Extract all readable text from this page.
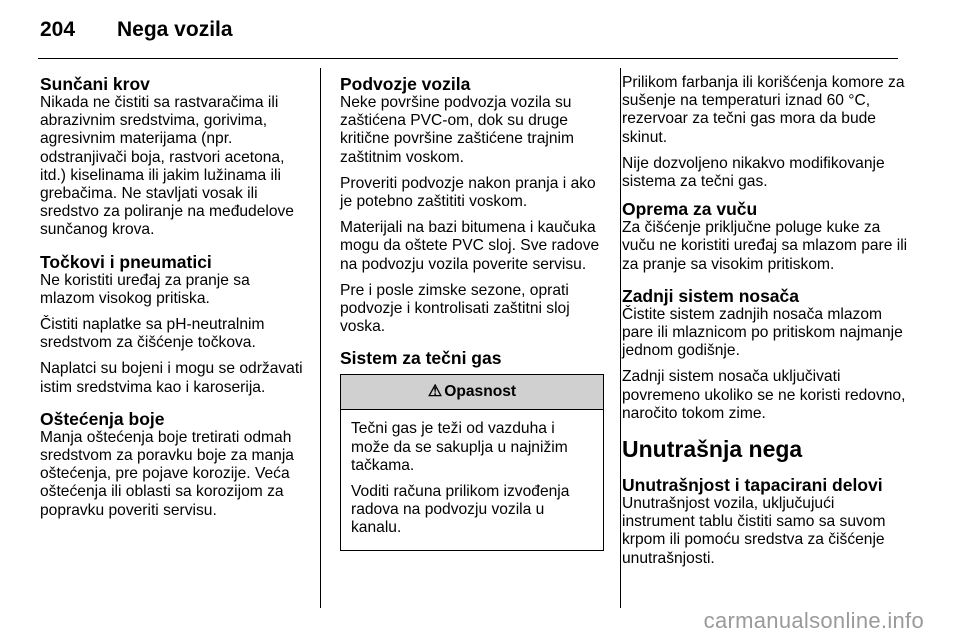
204 Nega vozila
Sunčani krov

Nikada ne čistiti sa rastvaračima ili abrazivnim sredstvima, gorivima, agresivnim materijama (npr. odstranjivači boja, rastvori acetona, itd.) kiselinama ili jakim lužinama ili grebačima. Ne stavljati vosak ili sredstvo za poliranje na međudelove sunčanog krova.

Točkovi i pneumatici

Ne koristiti uređaj za pranje sa mlazom visokog pritiska.

Čistiti naplatke sa pH-neutralnim sredstvom za čišćenje točkova.

Naplatci su bojeni i mogu se održavati istim sredstvima kao i karoserija.

Oštećenja boje

Manja oštećenja boje tretirati odmah sredstvom za poravku boje za manja oštećenja, pre pojave korozije. Veća oštećenja ili oblasti sa korozijom za popravku poveriti servisu.

Podvozje vozila

Neke površine podvozja vozila su zaštićena PVC-om, dok su druge kritične površine zaštićene trajnim zaštitnim voskom.

Proveriti podvozje nakon pranja i ako je potebno zaštititi voskom.

Materijali na bazi bitumena i kaučuka mogu da oštete PVC sloj. Sve radove na podvozju vozila poverite servisu.

Pre i posle zimske sezone, oprati podvozje i kontrolisati zaštitni sloj voska.

Sistem za tečni gas
⚠ Opasnost

Tečni gas je teži od vazduha i može da se sakuplja u najnižim tačkama.

Voditi računa prilikom izvođenja radova na podvozju vozila u kanalu.

Prilikom farbanja ili korišćenja komore za sušenje na temperaturi iznad 60 °C, rezervoar za tečni gas mora da bude skinut.

Nije dozvoljeno nikakvo modifikovanje sistema za tečni gas.

Oprema za vuču

Za čišćenje priključne poluge kuke za vuču ne koristiti uređaj sa mlazom pare ili za pranje sa visokim pritiskom.

Zadnji sistem nosača

Čistite sistem zadnjih nosača mlazom pare ili mlaznicom po pritiskom najmanje jednom godišnje.

Zadnji sistem nosača uključivati povremeno ukoliko se ne koristi redovno, naročito tokom zime.

Unutrašnja nega
Unutrašnjost i tapacirani delovi

Unutrašnjost vozila, uključujući instrument tablu čistiti samo sa suvom krpom ili pomoću sredstva za čišćenje unutrašnjosti.

carmanualsonline.info
